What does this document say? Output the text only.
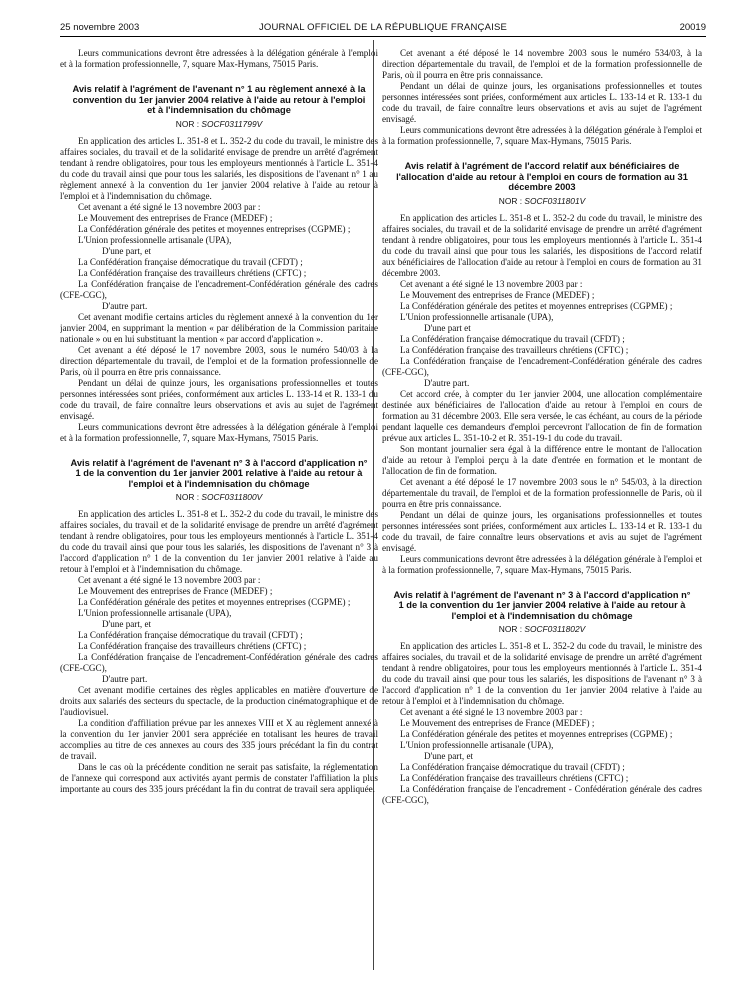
25 novembre 2003	JOURNAL OFFICIEL DE LA RÉPUBLIQUE FRANÇAISE	20019

Leurs communications devront être adressées à la délégation générale à l'emploi et à la formation professionnelle, 7, square Max-Hymans, 75015 Paris.

Avis relatif à l'agrément de l'avenant n° 1 au règlement annexé à la convention du 1er janvier 2004 relative à l'aide au retour à l'emploi et à l'indemnisation du chômage
NOR : SOCF0311799V

En application des articles L. 351-8 et L. 352-2 du code du travail, le ministre des affaires sociales, du travail et de la solidarité envisage de prendre un arrêté d'agrément tendant à rendre obligatoires, pour tous les employeurs mentionnés à l'article L. 351-4 du code du travail ainsi que pour tous les salariés, les dispositions de l'avenant n° 1 au règlement annexé à la convention du 1er janvier 2004 relative à l'aide au retour à l'emploi et à l'indemnisation du chômage.

Cet avenant a été signé le 13 novembre 2003 par :

Le Mouvement des entreprises de France (MEDEF) ;

La Confédération générale des petites et moyennes entreprises (CGPME) ;

L'Union professionnelle artisanale (UPA),

D'une part, et

La Confédération française démocratique du travail (CFDT) ;

La Confédération française des travailleurs chrétiens (CFTC) ;

La Confédération française de l'encadrement-Confédération générale des cadres (CFE-CGC),

D'autre part.

Cet avenant modifie certains articles du règlement annexé à la convention du 1er janvier 2004, en supprimant la mention « par délibération de la Commission paritaire nationale » ou en lui substituant la mention « par accord d'application ».

Cet avenant a été déposé le 17 novembre 2003, sous le numéro 540/03 à la direction départementale du travail, de l'emploi et de la formation professionnelle de Paris, où il pourra en être pris connaissance.

Pendant un délai de quinze jours, les organisations professionnelles et toutes personnes intéressées sont priées, conformément aux articles L. 133-14 et R. 133-1 du code du travail, de faire connaître leurs observations et avis au sujet de l'agrément envisagé.

Leurs communications devront être adressées à la délégation générale à l'emploi et à la formation professionnelle, 7, square Max-Hymans, 75015 Paris.

Avis relatif à l'agrément de l'avenant n° 3 à l'accord d'application n° 1 de la convention du 1er janvier 2001 relative à l'aide au retour à l'emploi et à l'indemnisation du chômage
NOR : SOCF0311800V

En application des articles L. 351-8 et L. 352-2 du code du travail, le ministre des affaires sociales, du travail et de la solidarité envisage de prendre un arrêté d'agrément tendant à rendre obligatoires, pour tous les employeurs mentionnés à l'article L. 351-4 du code du travail ainsi que pour tous les salariés, les dispositions de l'avenant n° 3 à l'accord d'application n° 1 de la convention du 1er janvier 2001 relative à l'aide au retour à l'emploi et à l'indemnisation du chômage.

Cet avenant a été signé le 13 novembre 2003 par :

Le Mouvement des entreprises de France (MEDEF) ;

La Confédération générale des petites et moyennes entreprises (CGPME) ;

L'Union professionnelle artisanale (UPA),

D'une part, et

La Confédération française démocratique du travail (CFDT) ;

La Confédération française des travailleurs chrétiens (CFTC) ;

La Confédération française de l'encadrement-Confédération générale des cadres (CFE-CGC),

D'autre part.

Cet avenant modifie certaines des règles applicables en matière d'ouverture de droits aux salariés des secteurs du spectacle, de la production cinématographique et de l'audiovisuel.

La condition d'affiliation prévue par les annexes VIII et X au règlement annexé à la convention du 1er janvier 2001 sera appréciée en totalisant les heures de travail accomplies au titre de ces annexes au cours des 335 jours précédant la fin du contrat de travail.

Dans le cas où la précédente condition ne serait pas satisfaite, la réglementation de l'annexe qui correspond aux activités ayant permis de constater l'affiliation la plus importante au cours des 335 jours précédant la fin du contrat de travail sera appliquée.

Cet avenant a été déposé le 14 novembre 2003 sous le numéro 534/03, à la direction départementale du travail, de l'emploi et de la formation professionnelle de Paris, où il pourra en être pris connaissance.

Pendant un délai de quinze jours, les organisations professionnelles et toutes personnes intéressées sont priées, conformément aux articles L. 133-14 et R. 133-1 du code du travail, de faire connaître leurs observations et avis au sujet de l'agrément envisagé.

Leurs communications devront être adressées à la délégation générale à l'emploi et à la formation professionnelle, 7, square Max-Hymans, 75015 Paris.

Avis relatif à l'agrément de l'accord relatif aux bénéficiaires de l'allocation d'aide au retour à l'emploi en cours de formation au 31 décembre 2003
NOR : SOCF0311801V

En application des articles L. 351-8 et L. 352-2 du code du travail, le ministre des affaires sociales, du travail et de la solidarité envisage de prendre un arrêté d'agrément tendant à rendre obligatoires, pour tous les employeurs mentionnés à l'article L. 351-4 du code du travail ainsi que pour tous les salariés, les dispositions de l'accord relatif aux bénéficiaires de l'allocation d'aide au retour à l'emploi en cours de formation au 31 décembre 2003.

Cet avenant a été signé le 13 novembre 2003 par :

Le Mouvement des entreprises de France (MEDEF) ;

La Confédération générale des petites et moyennes entreprises (CGPME) ;

L'Union professionnelle artisanale (UPA),

D'une part et

La Confédération française démocratique du travail (CFDT) ;

La Confédération française des travailleurs chrétiens (CFTC) ;

La Confédération française de l'encadrement-Confédération générale des cadres (CFE-CGC),

D'autre part.

Cet accord crée, à compter du 1er janvier 2004, une allocation complémentaire destinée aux bénéficiaires de l'allocation d'aide au retour à l'emploi en cours de formation au 31 décembre 2003. Elle sera versée, le cas échéant, au cours de la période pendant laquelle ces demandeurs d'emploi percevront l'allocation de fin de formation prévue aux articles L. 351-10-2 et R. 351-19-1 du code du travail.

Son montant journalier sera égal à la différence entre le montant de l'allocation d'aide au retour à l'emploi perçu à la date d'entrée en formation et le montant de l'allocation de fin de formation.

Cet avenant a été déposé le 17 novembre 2003 sous le n° 545/03, à la direction départementale du travail, de l'emploi et de la formation professionnelle de Paris, où il pourra en être pris connaissance.

Pendant un délai de quinze jours, les organisations professionnelles et toutes personnes intéressées sont priées, conformément aux articles L. 133-14 et R. 133-1 du code du travail, de faire connaître leurs observations et avis au sujet de l'agrément envisagé.

Leurs communications devront être adressées à la délégation générale à l'emploi et à la formation professionnelle, 7, square Max-Hymans, 75015 Paris.

Avis relatif à l'agrément de l'avenant n° 3 à l'accord d'application n° 1 de la convention du 1er janvier 2004 relative à l'aide au retour à l'emploi et à l'indemnisation du chômage
NOR : SOCF0311802V

En application des articles L. 351-8 et L. 352-2 du code du travail, le ministre des affaires sociales, du travail et de la solidarité envisage de prendre un arrêté d'agrément tendant à rendre obligatoires, pour tous les employeurs mentionnés à l'article L. 351-4 du code du travail ainsi que pour tous les salariés, les dispositions de l'avenant n° 3 à l'accord d'application n° 1 de la convention du 1er janvier 2004 relative à l'aide au retour à l'emploi et à l'indemnisation du chômage.

Cet avenant a été signé le 13 novembre 2003 par :

Le Mouvement des entreprises de France (MEDEF) ;

La Confédération générale des petites et moyennes entreprises (CGPME) ;

L'Union professionnelle artisanale (UPA),

D'une part, et

La Confédération française démocratique du travail (CFDT) ;

La Confédération française des travailleurs chrétiens (CFTC) ;

La Confédération française de l'encadrement - Confédération générale des cadres (CFE-CGC),
